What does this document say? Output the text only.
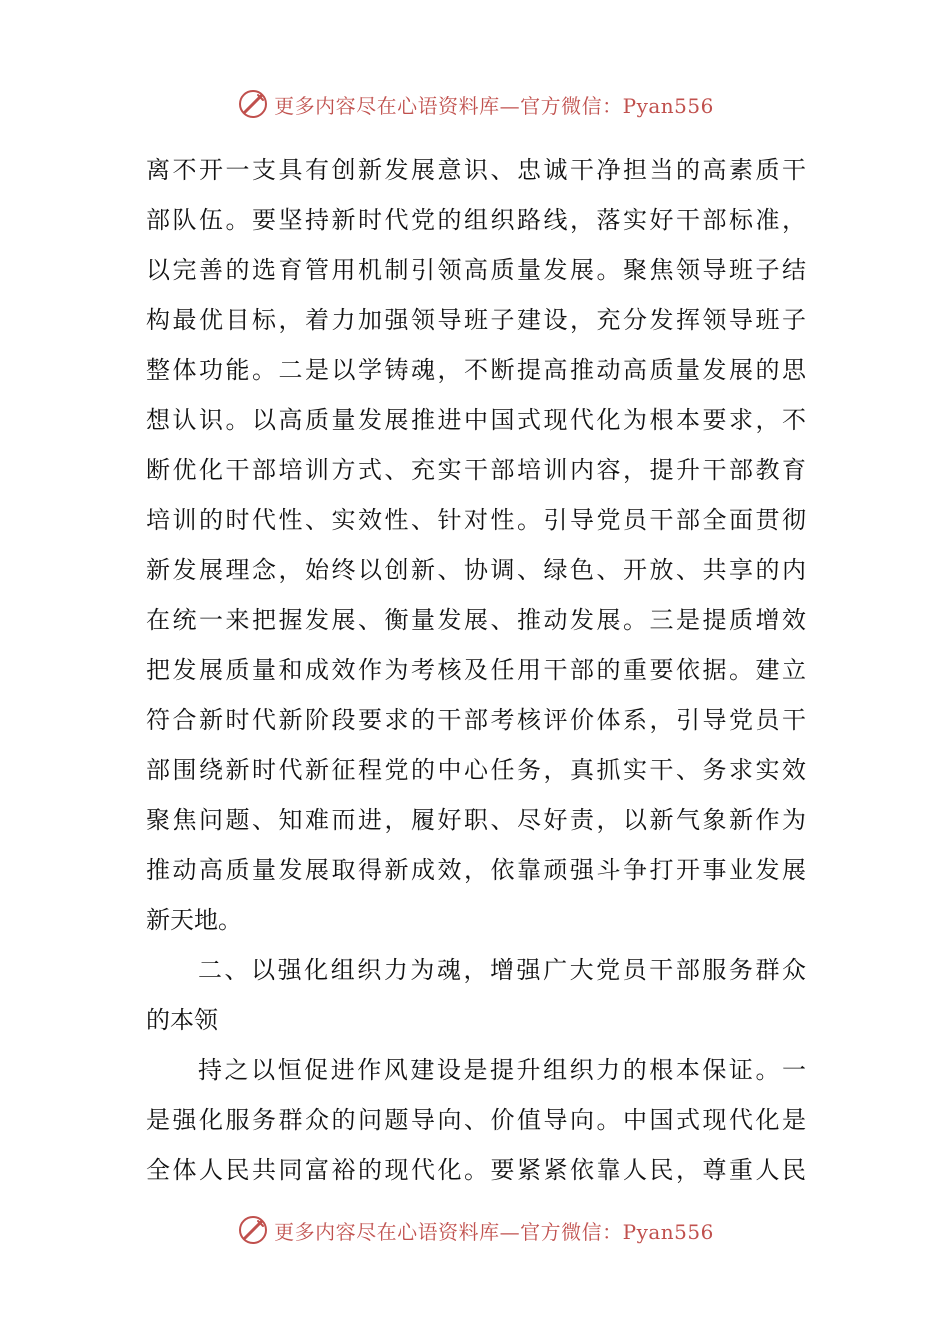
更多内容尽在心语资料库—官方微信：Pyan556
离不开一支具有创新发展意识、忠诚干净担当的高素质干
部队伍。要坚持新时代党的组织路线，落实好干部标准，
以完善的选育管用机制引领高质量发展。聚焦领导班子结
构最优目标，着力加强领导班子建设，充分发挥领导班子
整体功能。二是以学铸魂，不断提高推动高质量发展的思
想认识。以高质量发展推进中国式现代化为根本要求，不
断优化干部培训方式、充实干部培训内容，提升干部教育
培训的时代性、实效性、针对性。引导党员干部全面贯彻
新发展理念，始终以创新、协调、绿色、开放、共享的内
在统一来把握发展、衡量发展、推动发展。三是提质增效
把发展质量和成效作为考核及任用干部的重要依据。建立
符合新时代新阶段要求的干部考核评价体系，引导党员干
部围绕新时代新征程党的中心任务，真抓实干、务求实效
聚焦问题、知难而进，履好职、尽好责，以新气象新作为
推动高质量发展取得新成效，依靠顽强斗争打开事业发展
新天地。
二、以强化组织力为魂，增强广大党员干部服务群众
的本领
持之以恒促进作风建设是提升组织力的根本保证。一
是强化服务群众的问题导向、价值导向。中国式现代化是
全体人民共同富裕的现代化。要紧紧依靠人民，尊重人民
更多内容尽在心语资料库—官方微信：Pyan556
